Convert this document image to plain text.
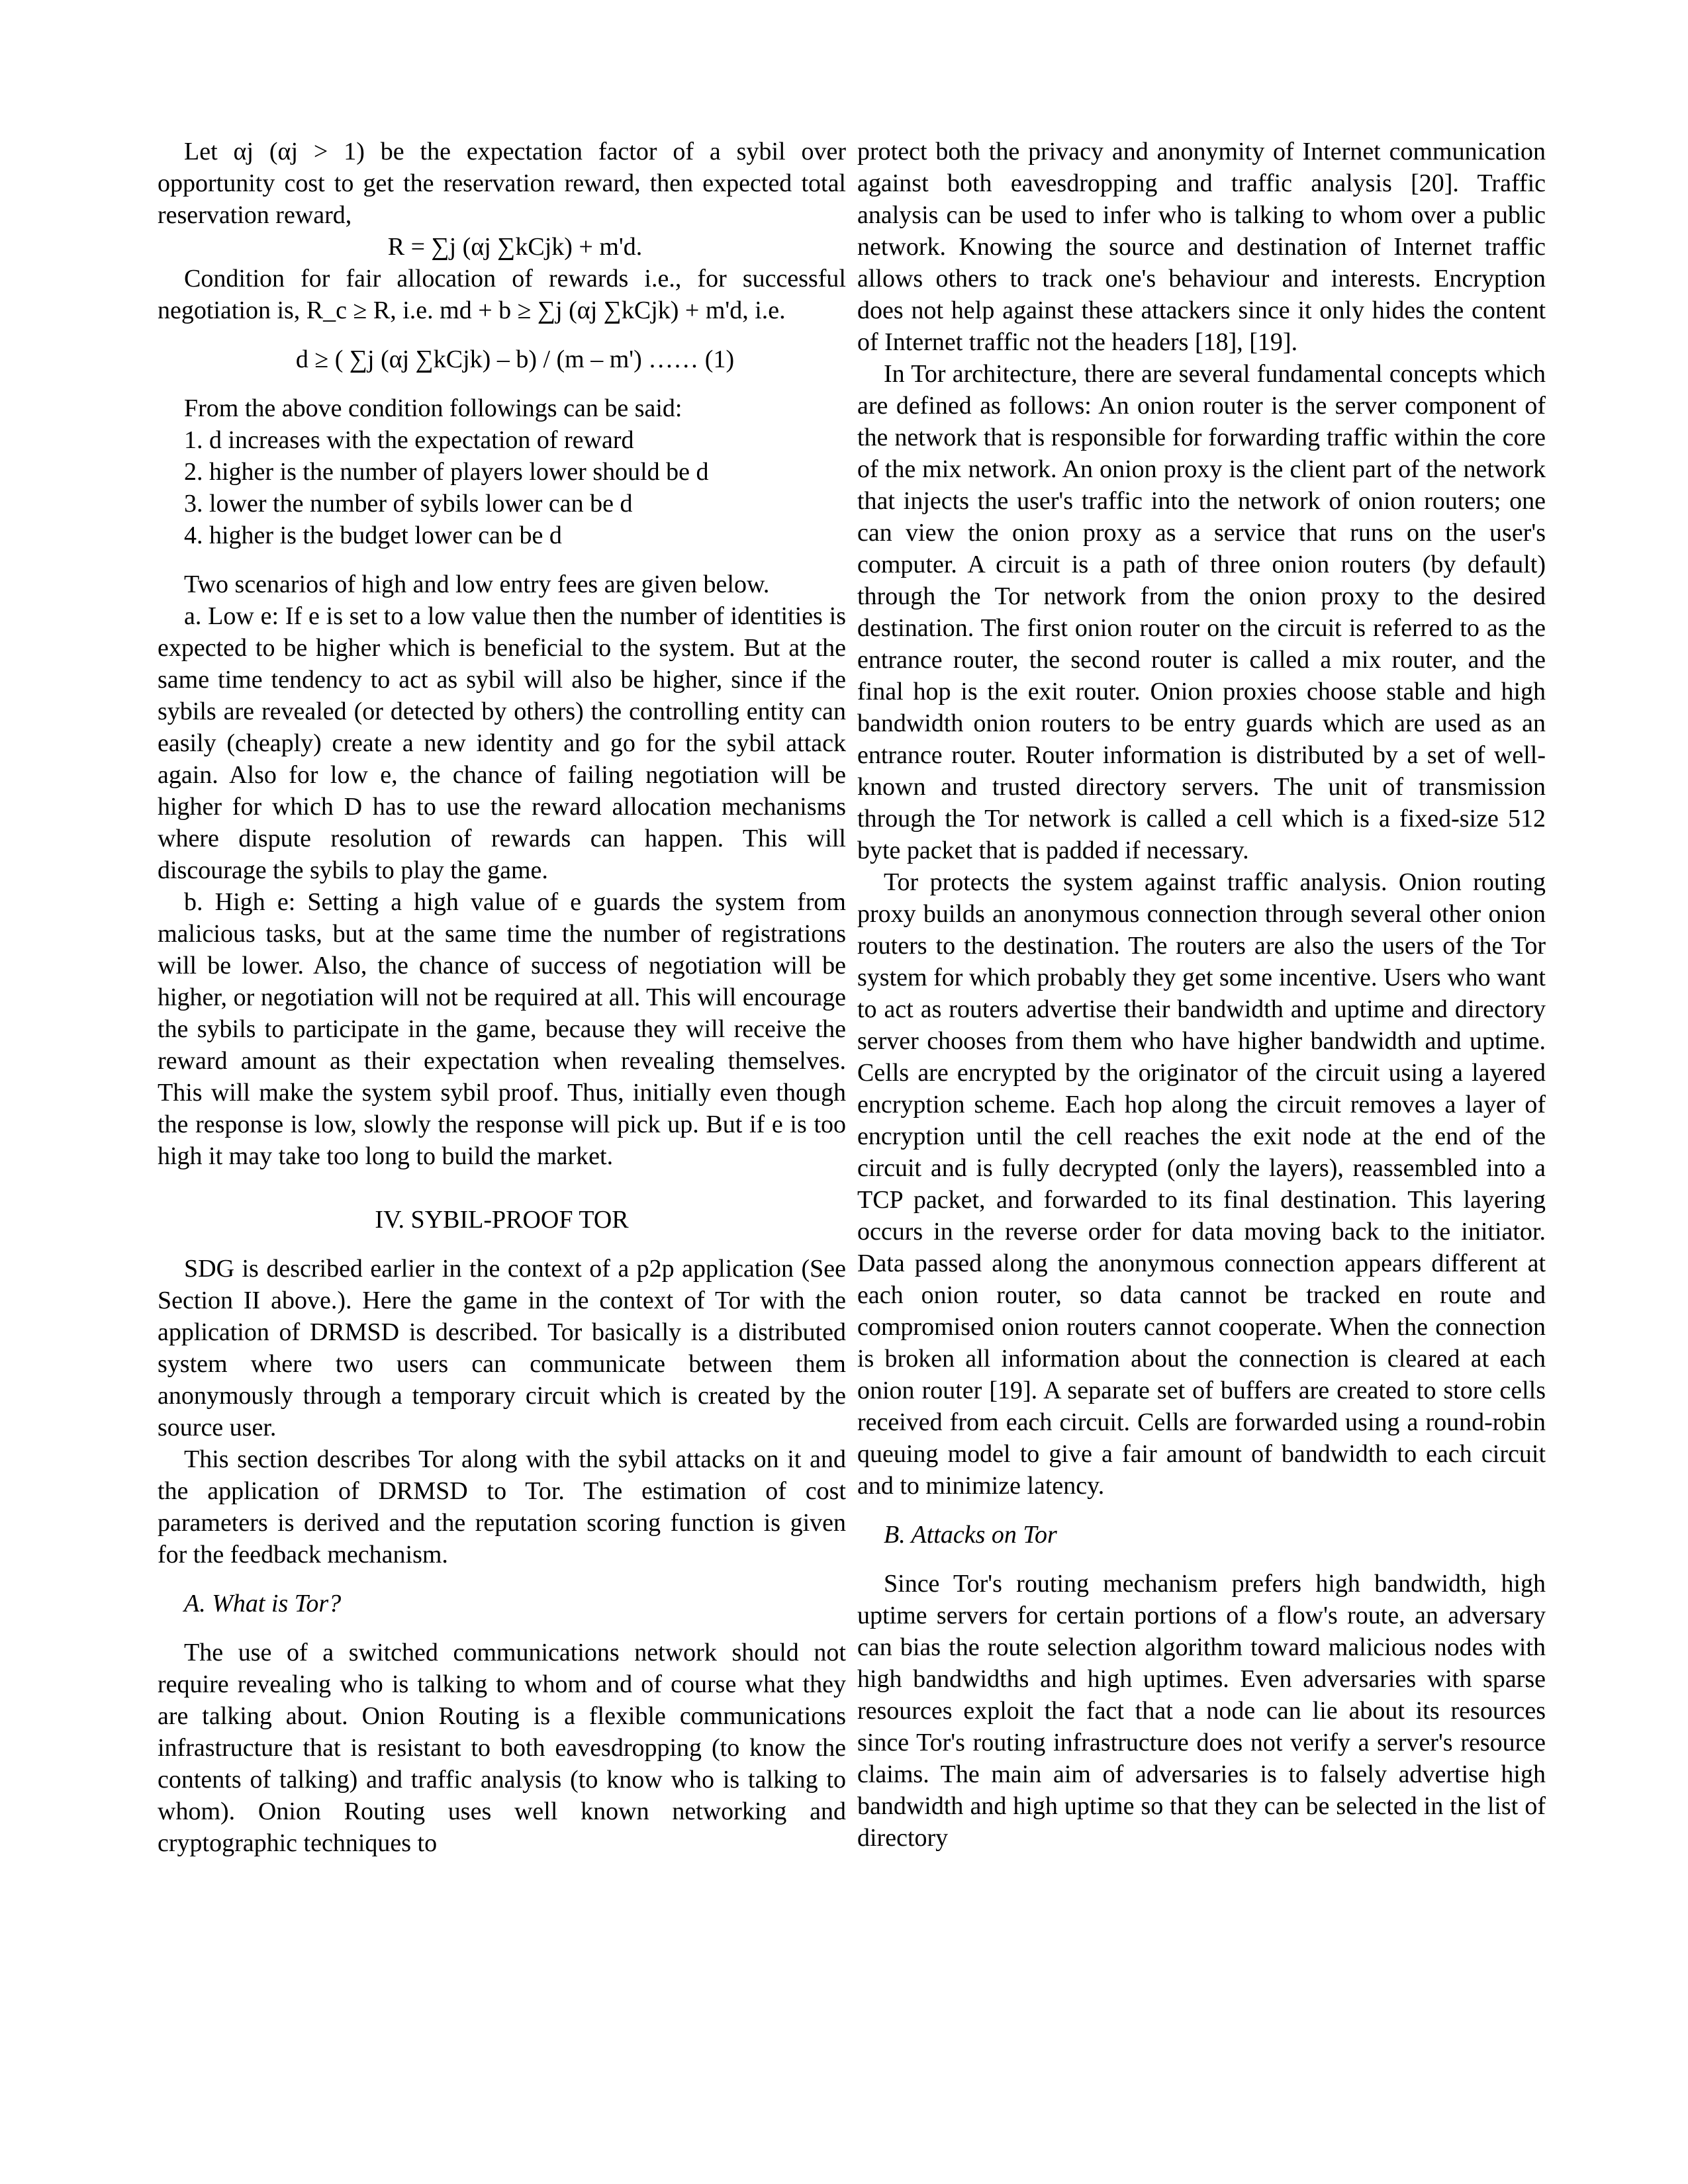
Let αj (αj > 1) be the expectation factor of a sybil over opportunity cost to get the reservation reward, then expected total reservation reward,

R = ∑j (αj ∑kCjk) + m'd.

Condition for fair allocation of rewards i.e., for successful negotiation is, R_c ≥ R, i.e. md + b ≥ ∑j (αj ∑kCjk) + m'd, i.e.

d ≥ ( ∑j (αj ∑kCjk) – b) / (m – m') …… (1)

From the above condition followings can be said:

1. d increases with the expectation of reward
2. higher is the number of players lower should be d
3. lower the number of sybils lower can be d
4. higher is the budget lower can be d

Two scenarios of high and low entry fees are given below.

a. Low e: If e is set to a low value then the number of identities is expected to be higher which is beneficial to the system. But at the same time tendency to act as sybil will also be higher, since if the sybils are revealed (or detected by others) the controlling entity can easily (cheaply) create a new identity and go for the sybil attack again. Also for low e, the chance of failing negotiation will be higher for which D has to use the reward allocation mechanisms where dispute resolution of rewards can happen. This will discourage the sybils to play the game.

b. High e: Setting a high value of e guards the system from malicious tasks, but at the same time the number of registrations will be lower. Also, the chance of success of negotiation will be higher, or negotiation will not be required at all. This will encourage the sybils to participate in the game, because they will receive the reward amount as their expectation when revealing themselves. This will make the system sybil proof. Thus, initially even though the response is low, slowly the response will pick up. But if e is too high it may take too long to build the market.

IV. SYBIL-PROOF TOR

SDG is described earlier in the context of a p2p application (See Section II above.). Here the game in the context of Tor with the application of DRMSD is described. Tor basically is a distributed system where two users can communicate between them anonymously through a temporary circuit which is created by the source user.

This section describes Tor along with the sybil attacks on it and the application of DRMSD to Tor. The estimation of cost parameters is derived and the reputation scoring function is given for the feedback mechanism.

A. What is Tor?

The use of a switched communications network should not require revealing who is talking to whom and of course what they are talking about. Onion Routing is a flexible communications infrastructure that is resistant to both eavesdropping (to know the contents of talking) and traffic analysis (to know who is talking to whom). Onion Routing uses well known networking and cryptographic techniques to

protect both the privacy and anonymity of Internet communication against both eavesdropping and traffic analysis [20]. Traffic analysis can be used to infer who is talking to whom over a public network. Knowing the source and destination of Internet traffic allows others to track one's behaviour and interests. Encryption does not help against these attackers since it only hides the content of Internet traffic not the headers [18], [19].

In Tor architecture, there are several fundamental concepts which are defined as follows: An onion router is the server component of the network that is responsible for forwarding traffic within the core of the mix network. An onion proxy is the client part of the network that injects the user's traffic into the network of onion routers; one can view the onion proxy as a service that runs on the user's computer. A circuit is a path of three onion routers (by default) through the Tor network from the onion proxy to the desired destination. The first onion router on the circuit is referred to as the entrance router, the second router is called a mix router, and the final hop is the exit router. Onion proxies choose stable and high bandwidth onion routers to be entry guards which are used as an entrance router. Router information is distributed by a set of well-known and trusted directory servers. The unit of transmission through the Tor network is called a cell which is a fixed-size 512 byte packet that is padded if necessary.

Tor protects the system against traffic analysis. Onion routing proxy builds an anonymous connection through several other onion routers to the destination. The routers are also the users of the Tor system for which probably they get some incentive. Users who want to act as routers advertise their bandwidth and uptime and directory server chooses from them who have higher bandwidth and uptime. Cells are encrypted by the originator of the circuit using a layered encryption scheme. Each hop along the circuit removes a layer of encryption until the cell reaches the exit node at the end of the circuit and is fully decrypted (only the layers), reassembled into a TCP packet, and forwarded to its final destination. This layering occurs in the reverse order for data moving back to the initiator. Data passed along the anonymous connection appears different at each onion router, so data cannot be tracked en route and compromised onion routers cannot cooperate. When the connection is broken all information about the connection is cleared at each onion router [19]. A separate set of buffers are created to store cells received from each circuit. Cells are forwarded using a round-robin queuing model to give a fair amount of bandwidth to each circuit and to minimize latency.

B. Attacks on Tor

Since Tor's routing mechanism prefers high bandwidth, high uptime servers for certain portions of a flow's route, an adversary can bias the route selection algorithm toward malicious nodes with high bandwidths and high uptimes. Even adversaries with sparse resources exploit the fact that a node can lie about its resources since Tor's routing infrastructure does not verify a server's resource claims. The main aim of adversaries is to falsely advertise high bandwidth and high uptime so that they can be selected in the list of directory
